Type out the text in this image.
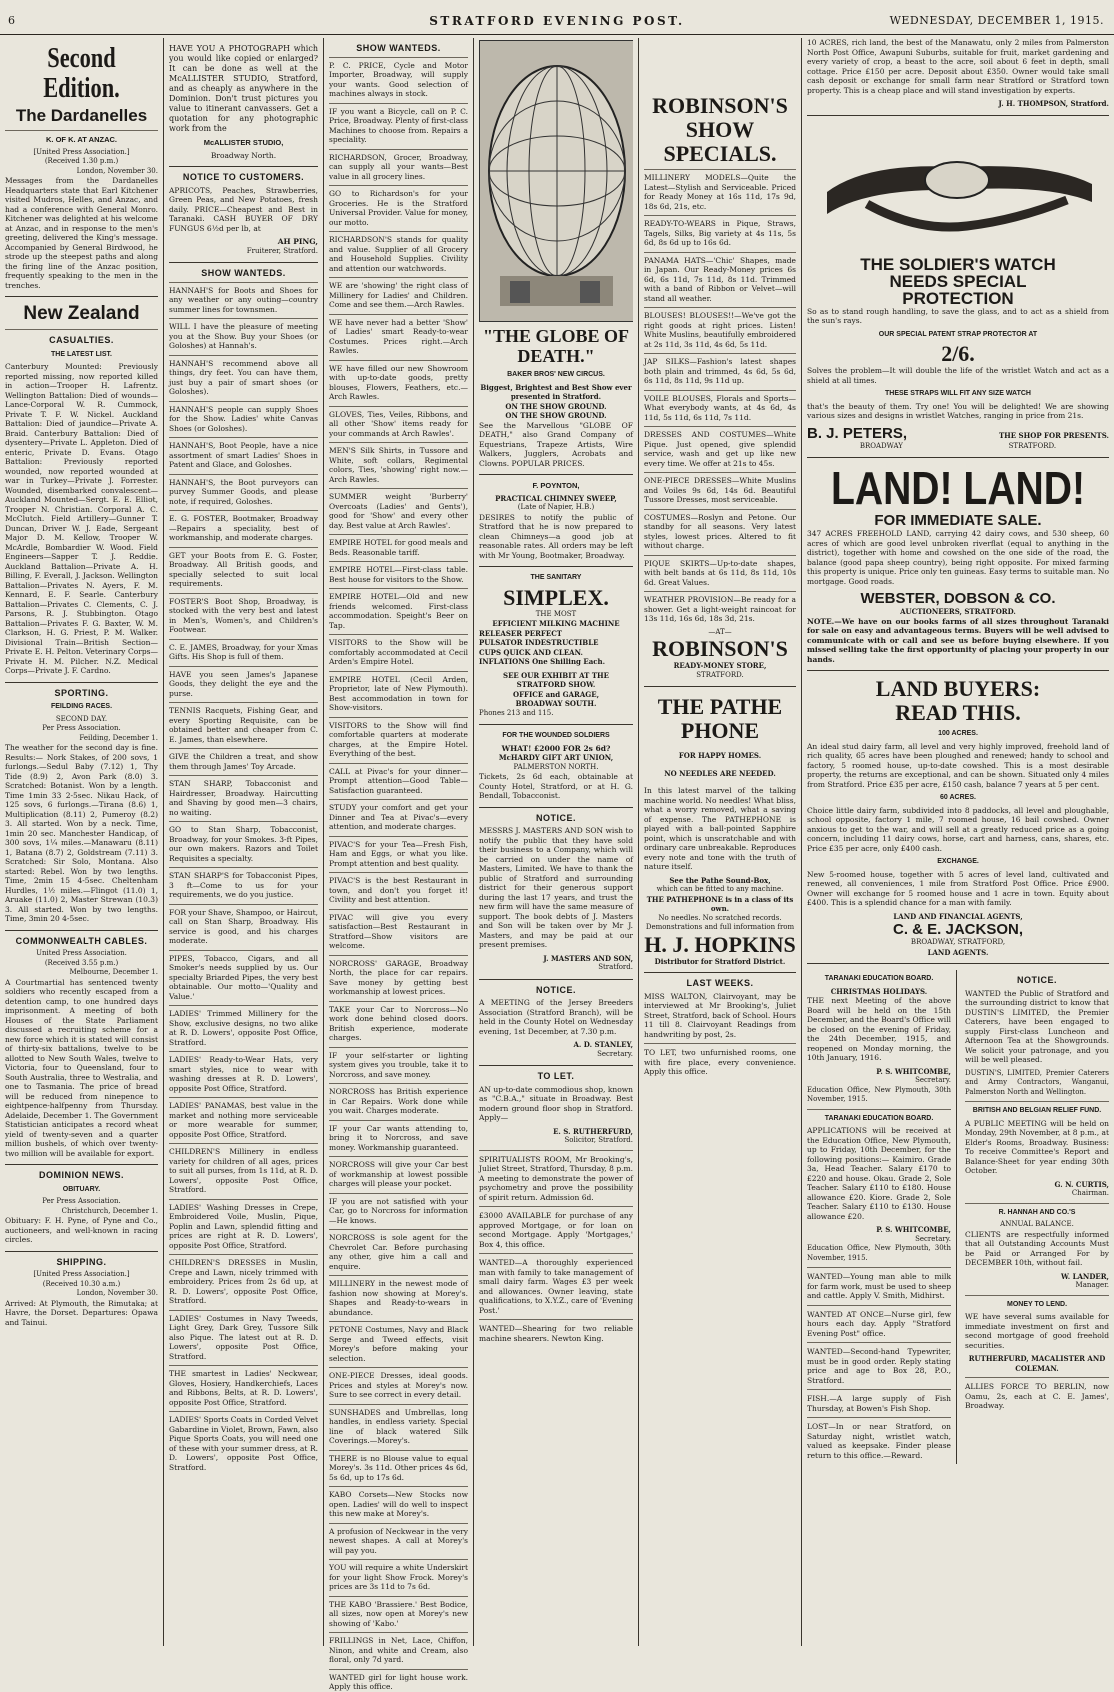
6	STRATFORD EVENING POST.	WEDNESDAY, DECEMBER 1, 1915.
Second Edition.
The Dardanelles
K. OF K. AT ANZAC.
[United Press Association.]
(Received 1.30 p.m.)
London, November 30.

Messages from the Dardanelles Headquarters state that Earl Kitchener visited Mudros, Helles, and Anzac, and had a conference with General Monro. Kitchener was delighted at his welcome at Anzac, and in response to the men's greeting, delivered the King's message. Accompanied by General Birdwood, he strode up the steepest paths and along the firing line of the Anzac position, frequently speaking to the men in the trenches.

New Zealand
CASUALTIES.
THE LATEST LIST.

Canterbury Mounted: Previously reported missing, now reported killed in action—Trooper H. Lafrentz. Wellington Battalion: Died of wounds—Lance-Corporal W. R. Cummock, Private T. F. W. Nickel. Auckland Battalion: Died of jaundice—Private A. Braid. Canterbury Battalion: Died of dysentery—Private L. Appleton. Died of enteric, Private D. Evans. Otago Battalion: Previously reported wounded, now reported wounded at war in Turkey—Private J. Forrester. Wounded, disembarked convalescent—Auckland Mounted—Sergt. E. E. Elliot, Trooper N. Christian. Corporal A. C. McClutch. Field Artillery—Gunner T. Duncan, Driver W. J. Eade, Sergeant Major D. M. Kellow, Trooper W. McArdle, Bombardier W. Wood. Field Engineers—Sapper T. J. Reddie. Auckland Battalion—Private A. H. Billing, F. Everall, J. Jackson. Wellington Battalion—Privates N. Ayers, F. M. Kennard, E. F. Searle. Canterbury Battalion—Privates C. Clements, C. J. Parsons, R. J. Stubbington. Otago Battalion—Privates F. G. Baxter, W. M. Clarkson, H. G. Priest, P. M. Walker. Divisional Train—British Section—Private E. H. Pelton. Veterinary Corps—Private H. M. Pilcher. N.Z. Medical Corps—Private J. F. Cardno.

SPORTING.
FEILDING RACES.
SECOND DAY.
Per Press Association.
Feilding, December 1.

The weather for the second day is fine. Results:— Nork Stakes, of 200 sovs, 1 furlongs.—Sedul Baby (7.12) 1, Thy Tide (8.9) 2, Avon Park (8.0) 3. Scratched: Botanist. Won by a length. Time 1min 33 2-5sec. Nikau Hack, of 125 sovs, 6 furlongs.—Tirana (8.6) 1, Multiplication (8.11) 2, Pumeroy (8.2) 3. All started. Won by a neck. Time, 1min 20 sec. Manchester Handicap, of 300 sovs, 1¼ miles.—Manawaru (8.11) 1, Batana (8.7) 2, Goldstream (7.11) 3. Scratched: Sir Solo, Montana. Also started: Rebel. Won by two lengths. Time, 2min 15 4-5sec. Cheltenham Hurdles, 1½ miles.—Flingot (11.0) 1, Aruake (11.0) 2, Master Strewan (10.3) 3. All started. Won by two lengths. Time, 3min 20 4-5sec.

COMMONWEALTH CABLES.
United Press Association.
(Received 3.55 p.m.)
Melbourne, December 1.

A Courtmartial has sentenced twenty soldiers who recently escaped from a detention camp, to one hundred days imprisonment. A meeting of both Houses of the State Parliament discussed a recruiting scheme for a new force which it is stated will consist of thirty-six battalions, twelve to be allotted to New South Wales, twelve to Victoria, four to Queensland, four to South Australia, three to Westralia, and one to Tasmania. The price of bread will be reduced from ninepence to eightpence-halfpenny from Thursday. Adelaide, December 1. The Government Statistician anticipates a record wheat yield of twenty-seven and a quarter million bushels, of which over twenty-two million will be available for export.

DOMINION NEWS.
OBITUARY.
Per Press Association.
Christchurch, December 1.

Obituary: F. H. Pyne, of Pyne and Co., auctioneers, and well-known in racing circles.

SHIPPING.
[United Press Association.]
(Received 10.30 a.m.)
London, November 30.

Arrived: At Plymouth, the Rimutaka; at Havre, the Dorset. Departures: Opawa and Tainui.

HAVE YOU A PHOTOGRAPH which you would like copied or enlarged? It can be done as well at the McALLISTER STUDIO, Stratford, and as cheaply as anywhere in the Dominion. Don't trust pictures you value to itinerant canvassers. Get a quotation for any photographic work from the

McALLISTER STUDIO,
Broadway North.
NOTICE TO CUSTOMERS.

APRICOTS, Peaches, Strawberries, Green Peas, and New Potatoes, fresh daily. PRICE—Cheapest and Best in Taranaki. CASH BUYER OF DRY FUNGUS 6½d per lb, at

AH PING,
Fruiterer, Stratford.
SHOW WANTEDS.

HANNAH'S for Boots and Shoes for any weather or any outing—country summer lines for townsmen.

WILL I have the pleasure of meeting you at the Show. Buy your Shoes (or Goloshes) at Hannah's.

HANNAH'S recommend above all things, dry feet. You can have them, just buy a pair of smart shoes (or Goloshes).

HANNAH'S people can supply Shoes for the Show. Ladies' white Canvas Shoes (or Goloshes).

HANNAH'S, Boot People, have a nice assortment of smart Ladies' Shoes in Patent and Glace, and Goloshes.

HANNAH'S, the Boot purveyors can purvey Summer Goods, and please note, if required, Goloshes.

E. G. FOSTER, Bootmaker, Broadway—Repairs a speciality, best of workmanship, and moderate charges.

GET your Boots from E. G. Foster, Broadway. All British goods, and specially selected to suit local requirements.

FOSTER'S Boot Shop, Broadway, is stocked with the very best and latest in Men's, Women's, and Children's Footwear.

C. E. JAMES, Broadway, for your Xmas Gifts. His Shop is full of them.

HAVE you seen James's Japanese Goods, they delight the eye and the purse.

TENNIS Racquets, Fishing Gear, and every Sporting Requisite, can be obtained better and cheaper from C. E. James, than elsewhere.

GIVE the Children a treat, and show them through James' Toy Arcade.

STAN SHARP, Tobacconist and Hairdresser, Broadway. Haircutting and Shaving by good men—3 chairs, no waiting.

GO to Stan Sharp, Tobacconist, Broadway, for your Smokes. 3-ft Pipes, our own makers. Razors and Toilet Requisites a specialty.

STAN SHARP'S for Tobacconist Pipes, 3 ft—Come to us for your requirements, we do you justice.

FOR your Shave, Shampoo, or Haircut, call on Stan Sharp, Broadway. His service is good, and his charges moderate.

PIPES, Tobacco, Cigars, and all Smoker's needs supplied by us. Our specialty Briarded Pipes, the very best obtainable. Our motto—'Quality and Value.'

LADIES' Trimmed Millinery for the Show, exclusive designs, no two alike at R. D. Lowers', opposite Post Office, Stratford.

LADIES' Ready-to-Wear Hats, very smart styles, nice to wear with washing dresses at R. D. Lowers', opposite Post Office, Stratford.

LADIES' PANAMAS, best value in the market and nothing more serviceable or more wearable for summer, opposite Post Office, Stratford.

CHILDREN'S Millinery in endless variety for children of all ages, prices to suit all purses, from 1s 11d, at R. D. Lowers', opposite Post Office, Stratford.

LADIES' Washing Dresses in Crepe, Embroidered Voile, Muslin, Pique, Poplin and Lawn, splendid fitting and prices are right at R. D. Lowers', opposite Post Office, Stratford.

CHILDREN'S DRESSES in Muslin, Crepe and Lawn, nicely trimmed with embroidery. Prices from 2s 6d up, at R. D. Lowers', opposite Post Office, Stratford.

LADIES' Costumes in Navy Tweeds, Light Grey, Dark Grey, Tussore Silk also Pique. The latest out at R. D. Lowers', opposite Post Office, Stratford.

THE smartest in Ladies' Neckwear, Gloves, Hosiery, Handkerchiefs, Laces and Ribbons, Belts, at R. D. Lowers', opposite Post Office, Stratford.

LADIES' Sports Coats in Corded Velvet Gabardine in Violet, Brown, Fawn, also Pique Sports Coats, you will need one of these with your summer dress, at R. D. Lowers', opposite Post Office, Stratford.

SHOW WANTEDS.

P. C. PRICE, Cycle and Motor Importer, Broadway, will supply your wants. Good selection of machines always in stock.

IF you want a Bicycle, call on P. C. Price, Broadway. Plenty of first-class Machines to choose from. Repairs a speciality.

RICHARDSON, Grocer, Broadway, can supply all your wants—Best value in all grocery lines.

GO to Richardson's for your Groceries. He is the Stratford Universal Provider. Value for money, our motto.

RICHARDSON'S stands for quality and value. Supplier of all Grocery and Household Supplies. Civility and attention our watchwords.

WE are 'showing' the right class of Millinery for Ladies' and Children. Come and see them.—Arch Rawles.

WE have never had a better 'Show' of Ladies' smart Ready-to-wear Costumes. Prices right.—Arch Rawles.

WE have filled our new Showroom with up-to-date goods, pretty blouses, Flowers, Feathers, etc.—Arch Rawles.

GLOVES, Ties, Veiles, Ribbons, and all other 'Show' items ready for your commands at Arch Rawles'.

MEN'S Silk Shirts, in Tussore and White, soft collars, Regimental colors, Ties, 'showing' right now.—Arch Rawles.

SUMMER weight 'Burberry' Overcoats (Ladies' and Gents'), good for 'Show' and every other day. Best value at Arch Rawles'.

EMPIRE HOTEL for good meals and Beds. Reasonable tariff.

EMPIRE HOTEL—First-class table. Best house for visitors to the Show.

EMPIRE HOTEL—Old and new friends welcomed. First-class accommodation. Speight's Beer on Tap.

VISITORS to the Show will be comfortably accommodated at Cecil Arden's Empire Hotel.

EMPIRE HOTEL (Cecil Arden, Proprietor, late of New Plymouth). Best accommodation in town for Show-visitors.

VISITORS to the Show will find comfortable quarters at moderate charges, at the Empire Hotel. Everything of the best.

CALL at Pivac's for your dinner—Prompt attention—Good Table—Satisfaction guaranteed.

STUDY your comfort and get your Dinner and Tea at Pivac's—every attention, and moderate charges.

PIVAC'S for your Tea—Fresh Fish, Ham and Eggs, or what you like. Prompt attention and best quality.

PIVAC'S is the best Restaurant in town, and don't you forget it! Civility and best attention.

PIVAC will give you every satisfaction—Best Restaurant in Stratford—Show visitors are welcome.

NORCROSS' GARAGE, Broadway North, the place for car repairs. Save money by getting best workmanship at lowest prices.

TAKE your Car to Norcross—No work done behind closed doors. British experience, moderate charges.

IF your self-starter or lighting system gives you trouble, take it to Norcross, and save money.

NORCROSS has British experience in Car Repairs. Work done while you wait. Charges moderate.

IF your Car wants attending to, bring it to Norcross, and save money. Workmanship guaranteed.

NORCROSS will give your Car best of workmanship at lowest possible charges will please your pocket.

IF you are not satisfied with your Car, go to Norcross for information—He knows.

NORCROSS is sole agent for the Chevrolet Car. Before purchasing any other, give him a call and enquire.

MILLINERY in the newest mode of fashion now showing at Morey's. Shapes and Ready-to-wears in abundance.

PETONE Costumes, Navy and Black Serge and Tweed effects, visit Morey's before making your selection.

ONE-PIECE Dresses, ideal goods. Prices and styles at Morey's now. Sure to see correct in every detail.

SUNSHADES and Umbrellas, long handles, in endless variety. Special line of black watered Silk Coverings.—Morey's.

THERE is no Blouse value to equal Morey's. 3s 11d. Other prices 4s 6d, 5s 6d, up to 17s 6d.

KABO Corsets—New Stocks now open. Ladies' will do well to inspect this new make at Morey's.

A profusion of Neckwear in the very newest shapes. A call at Morey's will pay you.

YOU will require a white Underskirt for your light Show Frock. Morey's prices are 3s 11d to 7s 6d.

THE KABO 'Brassiere.' Best Bodice, all sizes, now open at Morey's new showing of 'Kabo.'

FRILLINGS in Net, Lace, Chiffon, Ninon, and white and Cream, also floral, only 7d yard.

WANTED girl for light house work. Apply this office.

"THE GLOBE OF DEATH."
BAKER BROS' NEW CIRCUS.
Biggest, Brightest and Best Show ever presented in Stratford.
ON THE SHOW GROUND.
ON THE SHOW GROUND.

See the Marvellous "GLOBE OF DEATH," also Grand Company of Equestrians, Trapeze Artists, Wire Walkers, Jugglers, Acrobats and Clowns. POPULAR PRICES.

F. POYNTON,
PRACTICAL CHIMNEY SWEEP,
(Late of Napier, H.B.)

DESIRES to notify the public of Stratford that he is now prepared to clean Chimneys—a good job at reasonable rates. All orders may be left with Mr Young, Bootmaker, Broadway.

THE SANITARY
SIMPLEX.
THE MOST
EFFICIENT MILKING MACHINE
RELEASER PERFECT
PULSATOR INDESTRUCTIBLE
CUPS QUICK AND CLEAN.
INFLATIONS One Shilling Each.
SEE OUR EXHIBIT AT THE STRATFORD SHOW.
OFFICE and GARAGE,
BROADWAY SOUTH.
Phones 213 and 115.
FOR THE WOUNDED SOLDIERS
WHAT! £2000 FOR 2s 6d?
McHARDY GIFT ART UNION,
PALMERSTON NORTH.

Tickets, 2s 6d each, obtainable at County Hotel, Stratford, or at H. G. Bendall, Tobacconist.

NOTICE.

MESSRS J. MASTERS AND SON wish to notify the public that they have sold their business to a Company, which will be carried on under the name of Masters, Limited. We have to thank the public of Stratford and surrounding district for their generous support during the last 17 years, and trust the new firm will have the same measure of support. The book debts of J. Masters and Son will be taken over by Mr J. Masters, and may be paid at our present premises.

J. MASTERS AND SON,
Stratford.
NOTICE.

A MEETING of the Jersey Breeders Association (Stratford Branch), will be held in the County Hotel on Wednesday evening, 1st December, at 7.30 p.m.

A. D. STANLEY,
Secretary.
TO LET.

AN up-to-date commodious shop, known as "C.B.A.," situate in Broadway. Best modern ground floor shop in Stratford. Apply—

E. S. RUTHERFURD,
Solicitor, Stratford.

SPIRITUALISTS ROOM, Mr Brooking's, Juliet Street, Stratford, Thursday, 8 p.m. A meeting to demonstrate the power of psychometry and prove the possibility of spirit return. Admission 6d.

£3000 AVAILABLE for purchase of any approved Mortgage, or for loan on second Mortgage. Apply 'Mortgages,' Box 4, this office.

WANTED—A thoroughly experienced man with family to take management of small dairy farm. Wages £3 per week and allowances. Owner leaving, state qualifications, to X.Y.Z., care of 'Evening Post.'

WANTED—Shearing for two reliable machine shearers. Newton King.

ROBINSON'S
SHOW SPECIALS.

MILLINERY MODELS—Quite the Latest—Stylish and Serviceable. Priced for Ready Money at 16s 11d, 17s 9d, 18s 6d, 21s, etc.

READY-TO-WEARS in Pique, Straws, Tagels, Silks, Big variety at 4s 11s, 5s 6d, 8s 6d up to 16s 6d.

PANAMA HATS—'Chic' Shapes, made in Japan. Our Ready-Money prices 6s 6d, 6s 11d, 7s 11d, 8s 11d. Trimmed with a band of Ribbon or Velvet—will stand all weather.

BLOUSES! BLOUSES!!—We've got the right goods at right prices. Listen! White Muslins, beautifully embroidered at 2s 11d, 3s 11d, 4s 6d, 5s 11d.

JAP SILKS—Fashion's latest shapes both plain and trimmed, 4s 6d, 5s 6d, 6s 11d, 8s 11d, 9s 11d up.

VOILE BLOUSES, Florals and Sports—What everybody wants, at 4s 6d, 4s 11d, 5s 11d, 6s 11d, 7s 11d.

DRESSES AND COSTUMES—White Pique. Just opened, give splendid service, wash and get up like new every time. We offer at 21s to 45s.

ONE-PIECE DRESSES—White Muslins and Voiles 9s 6d, 14s 6d. Beautiful Tussore Dresses, most serviceable.

COSTUMES—Roslyn and Petone. Our standby for all seasons. Very latest styles, lowest prices. Altered to fit without charge.

PIQUE SKIRTS—Up-to-date shapes, with belt bands at 6s 11d, 8s 11d, 10s 6d. Great Values.

WEATHER PROVISION—Be ready for a shower. Get a light-weight raincoat for 13s 11d, 16s 6d, 18s 3d, 21s.

—AT—
ROBINSON'S
READY-MONEY STORE,
STRATFORD.
THE PATHE PHONE
FOR HAPPY HOMES.
NO NEEDLES ARE NEEDED.

In this latest marvel of the talking machine world. No needles! What bliss, what a worry removed, what a saving of expense. The PATHEPHONE is played with a ball-pointed Sapphire point, which is unscratchable and with ordinary care unbreakable. Reproduces every note and tone with the truth of nature itself.

See the Pathe Sound-Box,
which can be fitted to any machine.
THE PATHEPHONE is in a class of its own.
No needles. No scratched records.
Demonstrations and full information from
H. J. HOPKINS
Distributor for Stratford District.
LAST WEEKS.

MISS WALTON, Clairvoyant, may be interviewed at Mr Brooking's, Juliet Street, Stratford, back of School. Hours 11 till 8. Clairvoyant Readings from handwriting by post, 2s.

TO LET, two unfurnished rooms, one with fire place, every convenience. Apply this office.

10 ACRES, rich land, the best of the Manawatu, only 2 miles from Palmerston North Post Office, Awapuni Suburbs, suitable for fruit, market gardening and every variety of crop, a beast to the acre, soil about 6 feet in depth, small cottage. Price £150 per acre. Deposit about £350. Owner would take small cash deposit or exchange for small farm near Stratford or Stratford town property. This is a cheap place and will stand investigation by experts.

J. H. THOMPSON, Stratford.
THE SOLDIER'S WATCH
NEEDS SPECIAL
PROTECTION

So as to stand rough handling, to save the glass, and to act as a shield from the sun's rays.

OUR SPECIAL PATENT STRAP PROTECTOR AT
2/6.

Solves the problem—It will double the life of the wristlet Watch and act as a shield at all times.

THESE STRAPS WILL FIT ANY SIZE WATCH

that's the beauty of them. Try one! You will be delighted! We are showing various sizes and designs in wristlet Watches, ranging in price from 21s.

B. J. PETERS,	THE SHOP FOR PRESENTS.
BROADWAY	STRATFORD.
LAND! LAND!
FOR IMMEDIATE SALE.

347 ACRES FREEHOLD LAND, carrying 42 dairy cows, and 530 sheep, 60 acres of which are good level unbroken riverflat (equal to anything in the district), together with home and cowshed on the one side of the road, the balance (good papa sheep country), being right opposite. For mixed farming this property is unique. Price only ten guineas. Easy terms to suitable man. No mortgage. Good roads.

WEBSTER, DOBSON & CO.
AUCTIONEERS, STRATFORD.

NOTE.—We have on our books farms of all sizes throughout Taranaki for sale on easy and advantageous terms. Buyers will be well advised to communicate with or call and see us before buying elsewhere. If you missed selling take the first opportunity of placing your property in our hands.

LAND BUYERS:
READ THIS.
100 ACRES.

An ideal stud dairy farm, all level and very highly improved, freehold land of rich quality, 65 acres have been ploughed and renewed; handy to school and factory, 5 roomed house, up-to-date cowshed. This is a most desirable property, the returns are exceptional, and can be shown. Situated only 4 miles from Stratford. Price £35 per acre, £150 cash, balance 7 years at 5 per cent.

60 ACRES.

Choice little dairy farm, subdivided into 8 paddocks, all level and ploughable, school opposite, factory 1 mile, 7 roomed house, 16 bail cowshed. Owner anxious to get to the war, and will sell at a greatly reduced price as a going concern, including 11 dairy cows, horse, cart and harness, cans, shares, etc. Price £35 per acre, only £400 cash.

EXCHANGE.

New 5-roomed house, together with 5 acres of level land, cultivated and renewed, all conveniences, 1 mile from Stratford Post Office. Price £900. Owner will exchange for 5 roomed house and 1 acre in town. Equity about £400. This is a splendid chance for a man with family.

LAND AND FINANCIAL AGENTS,
C. & E. JACKSON,
BROADWAY, STRATFORD,
LAND AGENTS.
TARANAKI EDUCATION BOARD.
CHRISTMAS HOLIDAYS.

THE next Meeting of the above Board will be held on the 15th December, and the Board's Office will be closed on the evening of Friday, the 24th December, 1915, and reopened on Monday morning, the 10th January, 1916.

P. S. WHITCOMBE,
Secretary.

Education Office, New Plymouth, 30th November, 1915.

TARANAKI EDUCATION BOARD.

APPLICATIONS will be received at the Education Office, New Plymouth, up to Friday, 10th December, for the following positions:— Kaimiro. Grade 3a, Head Teacher. Salary £170 to £220 and house. Okau. Grade 2, Sole Teacher. Salary £110 to £180. House allowance £20. Kiore. Grade 2, Sole Teacher. Salary £110 to £130. House allowance £20.

P. S. WHITCOMBE,
Secretary.

Education Office, New Plymouth, 30th November, 1915.

WANTED—Young man able to milk for farm work, must be used to sheep and cattle. Apply V. Smith, Midhirst.

WANTED AT ONCE—Nurse girl, few hours each day. Apply "Stratford Evening Post" office.

WANTED—Second-hand Typewriter, must be in good order. Reply stating price and age to Box 28, P.O., Stratford.

FISH.—A large supply of Fish Thursday, at Bowen's Fish Shop.

LOST—In or near Stratford, on Saturday night, wristlet watch, valued as keepsake. Finder please return to this office.—Reward.

NOTICE.

WANTED the Public of Stratford and the surrounding district to know that DUSTIN'S LIMITED, the Premier Caterers, have been engaged to supply First-class Luncheon and Afternoon Tea at the Showgrounds. We solicit your patronage, and you will be well pleased.

DUSTIN'S, LIMITED, Premier Caterers and Army Contractors, Wanganui, Palmerston North and Wellington.

BRITISH AND BELGIAN RELIEF FUND.

A PUBLIC MEETING will be held on Monday, 29th November, at 8 p.m., at Elder's Rooms, Broadway. Business: To receive Committee's Report and Balance-Sheet for year ending 30th October.

G. N. CURTIS,
Chairman.
R. HANNAH AND CO.'S
ANNUAL BALANCE.

CLIENTS are respectfully informed that all Outstanding Accounts Must be Paid or Arranged For by DECEMBER 10th, without fail.

W. LANDER,
Manager.
MONEY TO LEND.

WE have several sums available for immediate investment on first and second mortgage of good freehold securities.

RUTHERFURD, MACALISTER AND COLEMAN.

ALLIES FORCE TO BERLIN, now Oamu, 2s, each at C. E. James', Broadway.
